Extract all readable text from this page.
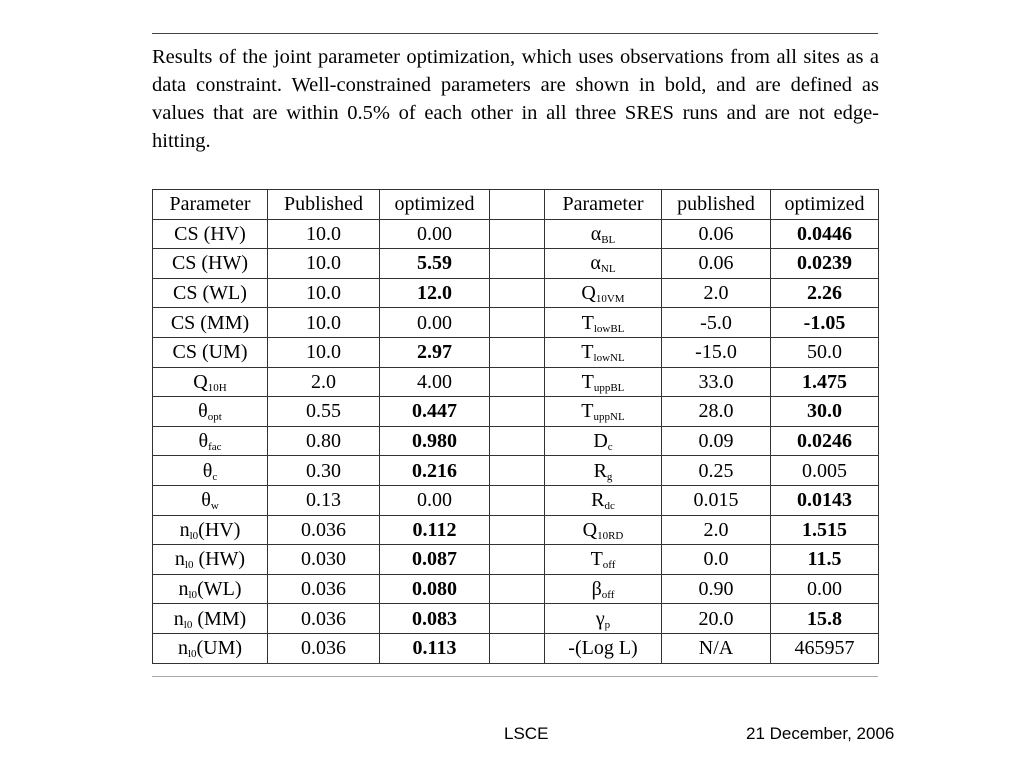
Results of the joint parameter optimization, which uses observations from all sites as a data constraint. Well-constrained parameters are shown in bold, and are defined as values that are within 0.5% of each other in all three SRES runs and are not edge-hitting.

Parameter	Published	optimized		Parameter	published	optimized
CS (HV)	10.0	0.00		$\alpha_{BL}$	0.06	0.0446
CS (HW)	10.0	5.59		$\alpha_{NL}$	0.06	0.0239
CS (WL)	10.0	12.0		$Q_{10VM}$	2.0	2.26
CS (MM)	10.0	0.00		$T_{lowBL}$	-5.0	-1.05
CS (UM)	10.0	2.97		$T_{lowNL}$	-15.0	50.0
$Q_{10H}$	2.0	4.00		$T_{uppBL}$	33.0	1.475
$\theta_{opt}$	0.55	0.447		$T_{uppNL}$	28.0	30.0
$\theta_{fac}$	0.80	0.980		$D_c$	0.09	0.0246
$\theta_c$	0.30	0.216		$R_g$	0.25	0.005
$\theta_w$	0.13	0.00		$R_{dc}$	0.015	0.0143
$n_{l0}(HV)$	0.036	0.112		$Q_{10RD}$	2.0	1.515
$n_{l0}$ (HW)	0.030	0.087		$T_{off}$	0.0	11.5
$n_{l0}(WL)$	0.036	0.080		$\beta_{off}$	0.90	0.00
$n_{l0}$ (MM)	0.036	0.083		$\gamma_p$	20.0	15.8
$n_{l0}(UM)$	0.036	0.113		-(Log L)	N/A	465957
LSCE	21 December, 2006
